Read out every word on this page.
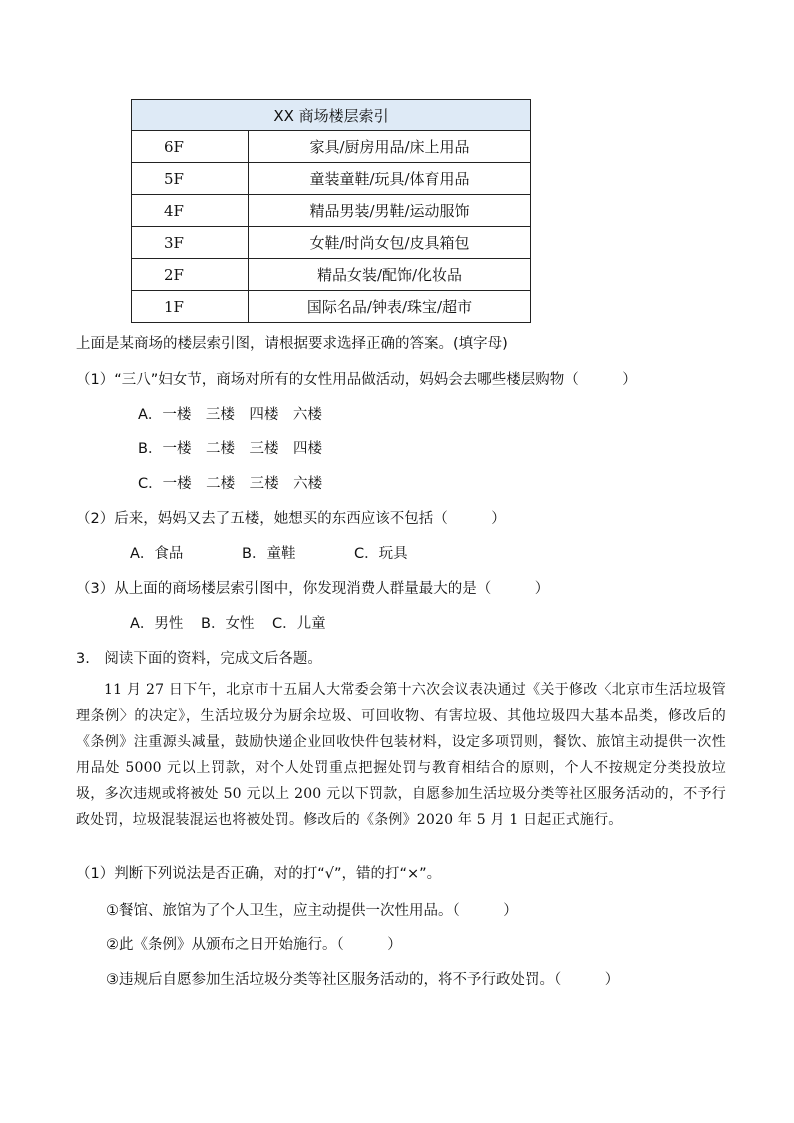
XX 商场楼层索引	
6F	家具/厨房用品/床上用品
5F	童装童鞋/玩具/体育用品
4F	精品男装/男鞋/运动服饰
3F	女鞋/时尚女包/皮具箱包
2F	精品女装/配饰/化妆品
1F	国际名品/钟表/珠宝/超市
上面是某商场的楼层索引图，请根据要求选择正确的答案。(填字母)
（1）“三八”妇女节，商场对所有的女性用品做活动，妈妈会去哪些楼层购物（　　　）
A．一楼　三楼　四楼　六楼
B．一楼　二楼　三楼　四楼
C．一楼　二楼　三楼　六楼
（2）后来，妈妈又去了五楼，她想买的东西应该不包括（　　　）
A．食品	B．童鞋	C．玩具
（3）从上面的商场楼层索引图中，你发现消费人群量最大的是（　　　）
A．男性 B．女性 C．儿童
3.　阅读下面的资料，完成文后各题。

11 月 27 日下午，北京市十五届人大常委会第十六次会议表决通过《关于修改〈北京市生活垃圾管理条例〉的决定》，生活垃圾分为厨余垃圾、可回收物、有害垃圾、其他垃圾四大基本品类，修改后的《条例》注重源头减量，鼓励快递企业回收快件包装材料，设定多项罚则，餐饮、旅馆主动提供一次性用品处 5000 元以上罚款，对个人处罚重点把握处罚与教育相结合的原则，个人不按规定分类投放垃圾，多次违规或将被处 50 元以上 200 元以下罚款，自愿参加生活垃圾分类等社区服务活动的，不予行政处罚，垃圾混装混运也将被处罚。修改后的《条例》2020 年 5 月 1 日起正式施行。

（1）判断下列说法是否正确，对的打“√”，错的打“×”。
①餐馆、旅馆为了个人卫生，应主动提供一次性用品。（　　　）
②此《条例》从颁布之日开始施行。（　　　）
③违规后自愿参加生活垃圾分类等社区服务活动的，将不予行政处罚。（　　　）
